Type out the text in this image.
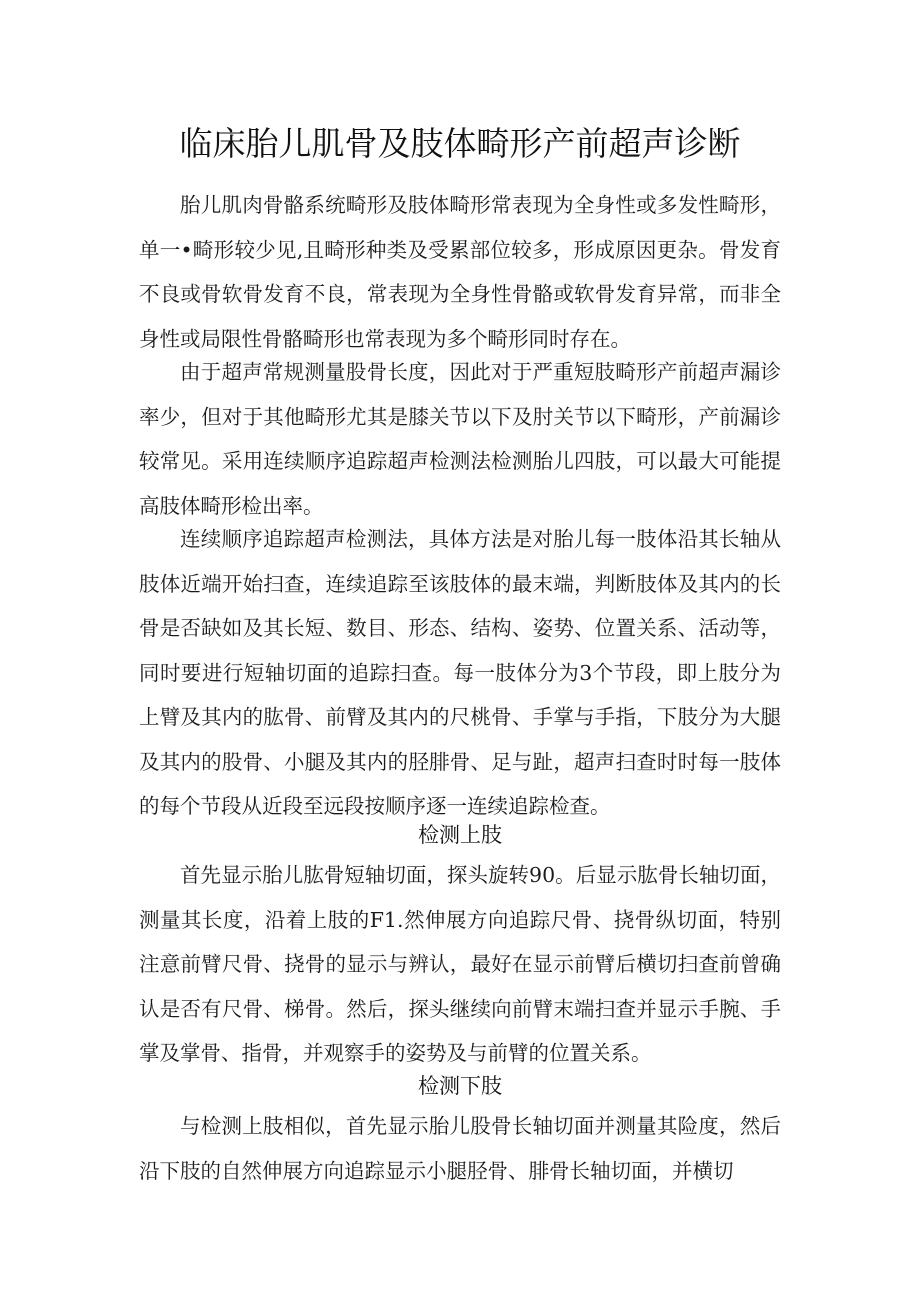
临床胎儿肌骨及肢体畸形产前超声诊断

胎儿肌肉骨骼系统畸形及肢体畸形常表现为全身性或多发性畸形，单一•畸形较少见,且畸形种类及受累部位较多，形成原因更杂。骨发育不良或骨软骨发育不良，常表现为全身性骨骼或软骨发育异常，而非全身性或局限性骨骼畸形也常表现为多个畸形同时存在。

由于超声常规测量股骨长度，因此对于严重短肢畸形产前超声漏诊率少，但对于其他畸形尤其是膝关节以下及肘关节以下畸形，产前漏诊较常见。采用连续顺序追踪超声检测法检测胎儿四肢，可以最大可能提高肢体畸形检出率。

连续顺序追踪超声检测法，具体方法是对胎儿每一肢体沿其长轴从肢体近端开始扫查，连续追踪至该肢体的最末端，判断肢体及其内的长骨是否缺如及其长短、数目、形态、结构、姿势、位置关系、活动等，同时要进行短轴切面的追踪扫查。每一肢体分为3个节段，即上肢分为上臂及其内的肱骨、前臂及其内的尺桃骨、手掌与手指，下肢分为大腿及其内的股骨、小腿及其内的胫腓骨、足与趾，超声扫查时时每一肢体的每个节段从近段至远段按顺序逐一连续追踪检查。

检测上肢

首先显示胎儿肱骨短轴切面，探头旋转90。后显示肱骨长轴切面，测量其长度，沿着上肢的F1.然伸展方向追踪尺骨、挠骨纵切面，特别注意前臂尺骨、挠骨的显示与辨认，最好在显示前臂后横切扫查前曾确认是否有尺骨、梯骨。然后，探头继续向前臂末端扫查并显示手腕、手掌及掌骨、指骨，并观察手的姿势及与前臂的位置关系。

检测下肢

与检测上肢相似，首先显示胎儿股骨长轴切面并测量其险度，然后沿下肢的自然伸展方向追踪显示小腿胫骨、腓骨长轴切面，并横切
